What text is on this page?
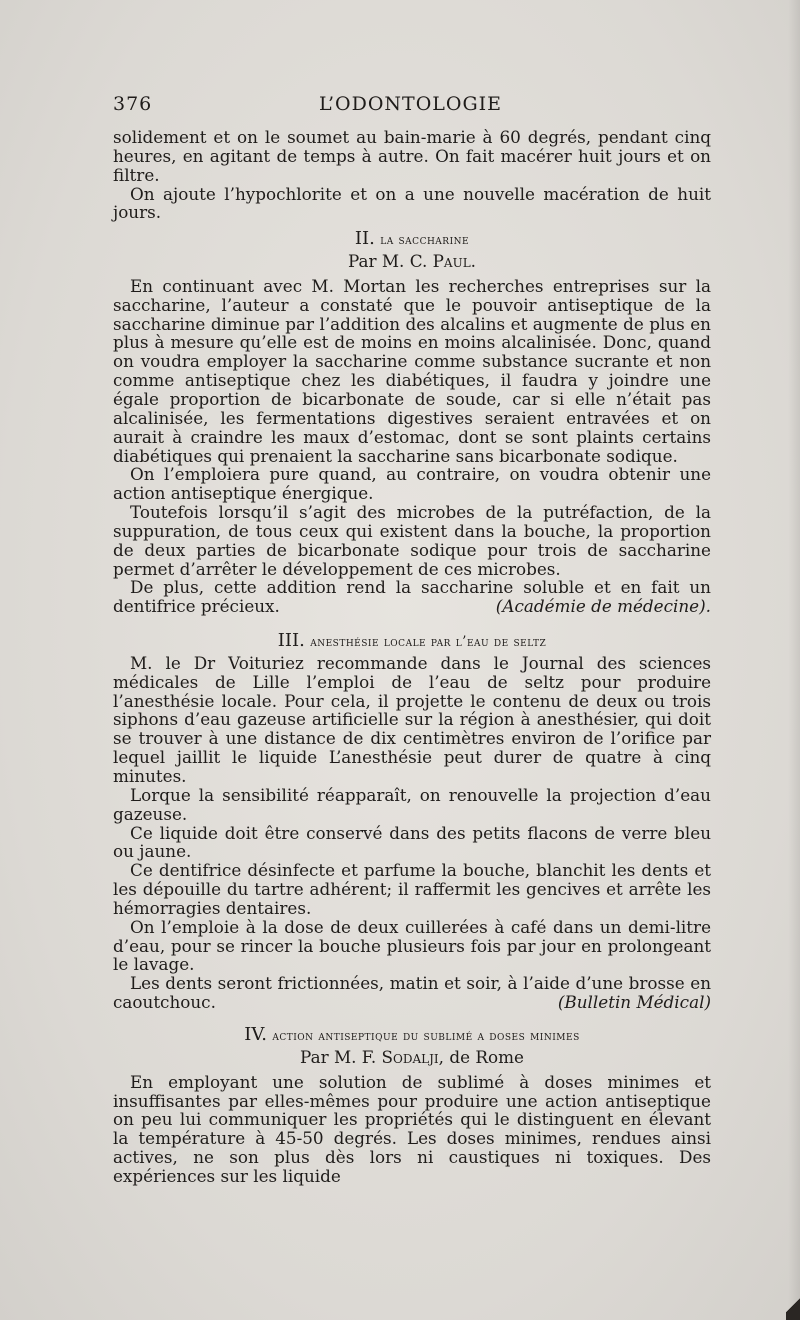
376	L’ODONTOLOGIE

solidement et on le soumet au bain-marie à 60 degrés, pendant cinq heures, en agitant de temps à autre. On fait macérer huit jours et on filtre.

On ajoute l’hypochlorite et on a une nouvelle macération de huit jours.

II. la saccharine
Par M. C. Paul.

En continuant avec M. Mortan les recherches entreprises sur la saccharine, l’auteur a constaté que le pouvoir antiseptique de la saccharine diminue par l’addition des alcalins et augmente de plus en plus à mesure qu’elle est de moins en moins alcalinisée. Donc, quand on voudra employer la saccharine comme substance sucrante et non comme antiseptique chez les diabétiques, il faudra y joindre une égale proportion de bicarbonate de soude, car si elle n’était pas alcalinisée, les fermentations digestives seraient entravées et on aurait à craindre les maux d’estomac, dont se sont plaints certains diabétiques qui prenaient la saccharine sans bicarbonate sodique.

On l’emploiera pure quand, au contraire, on voudra obtenir une action antiseptique énergique.

Toutefois lorsqu’il s’agit des microbes de la putréfaction, de la suppuration, de tous ceux qui existent dans la bouche, la proportion de deux parties de bicarbonate sodique pour trois de saccharine permet d’arrêter le développement de ces microbes.

De plus, cette addition rend la saccharine soluble et en fait un dentifrice précieux.	(Académie de médecine).

III. anesthésie locale par l’eau de seltz

M. le Dr Voituriez recommande dans le Journal des sciences médicales de Lille l’emploi de l’eau de seltz pour produire l’anesthésie locale. Pour cela, il projette le contenu de deux ou trois siphons d’eau gazeuse artificielle sur la région à anesthésier, qui doit se trouver à une distance de dix centimètres environ de l’orifice par lequel jaillit le liquide L’anesthésie peut durer de quatre à cinq minutes.

Lorque la sensibilité réapparaît, on renouvelle la projection d’eau gazeuse.

Ce liquide doit être conservé dans des petits flacons de verre bleu ou jaune.

Ce dentifrice désinfecte et parfume la bouche, blanchit les dents et les dépouille du tartre adhérent; il raffermit les gencives et arrête les hémorragies dentaires.

On l’emploie à la dose de deux cuillerées à café dans un demi-litre d’eau, pour se rincer la bouche plusieurs fois par jour en prolongeant le lavage.

Les dents seront frictionnées, matin et soir, à l’aide d’une brosse en caoutchouc.	(Bulletin Médical)

IV. action antiseptique du sublimé a doses minimes
Par M. F. Sodalji, de Rome

En employant une solution de sublimé à doses minimes et insuffisantes par elles-mêmes pour produire une action antiseptique on peu lui communiquer les propriétés qui le distinguent en élevant la température à 45-50 degrés. Les doses minimes, rendues ainsi actives, ne son plus dès lors ni caustiques ni toxiques. Des expériences sur les liquide
